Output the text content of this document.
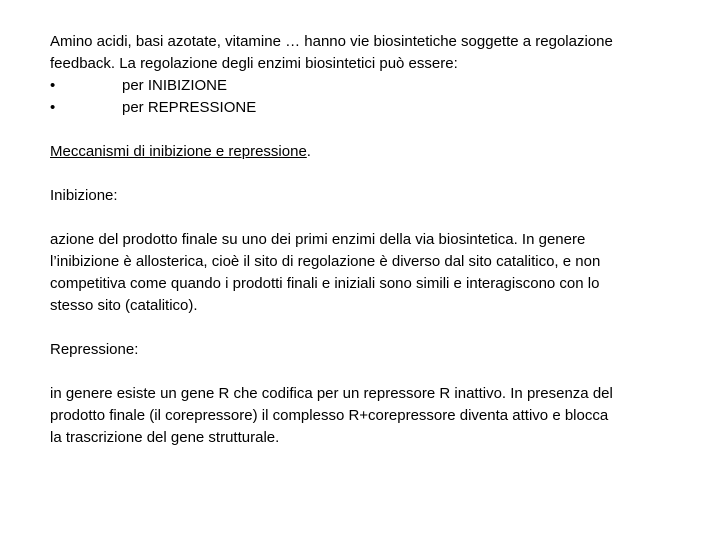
Amino acidi, basi azotate, vitamine … hanno vie biosintetiche soggette a regolazione

feedback. La regolazione degli enzimi biosintetici può essere:

•	per INIBIZIONE
•	per REPRESSIONE

Meccanismi di inibizione e repressione.

Inibizione:

azione del prodotto finale su uno dei primi enzimi della via biosintetica. In genere

l’inibizione è allosterica, cioè il sito di regolazione è diverso dal sito catalitico, e non

competitiva come quando i prodotti finali e iniziali sono simili e interagiscono con lo

stesso sito (catalitico).

Repressione:

in genere esiste un gene R che codifica per un repressore R inattivo. In presenza del

prodotto finale (il corepressore) il complesso R+corepressore diventa attivo e blocca

la trascrizione del gene strutturale.
